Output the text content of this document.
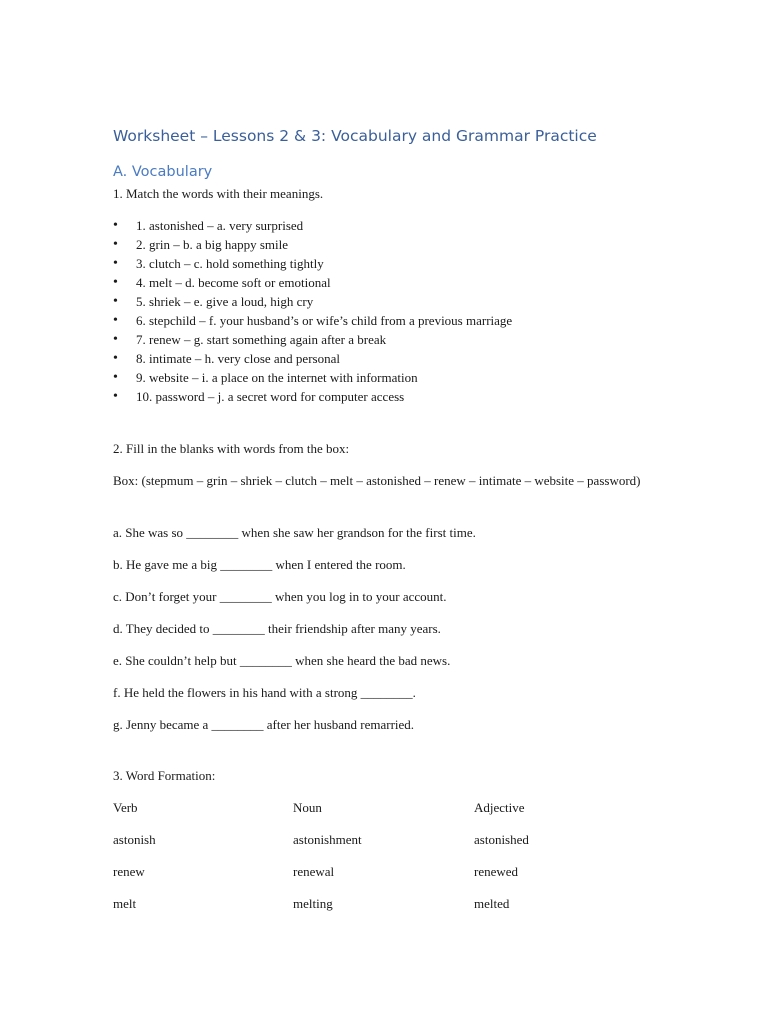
Worksheet – Lessons 2 & 3: Vocabulary and Grammar Practice
A. Vocabulary
1. Match the words with their meanings.
• 1. astonished – a. very surprised
• 2. grin – b. a big happy smile
• 3. clutch – c. hold something tightly
• 4. melt – d. become soft or emotional
• 5. shriek – e. give a loud, high cry
• 6. stepchild – f. your husband’s or wife’s child from a previous marriage
• 7. renew – g. start something again after a break
• 8. intimate – h. very close and personal
• 9. website – i. a place on the internet with information
• 10. password – j. a secret word for computer access
2. Fill in the blanks with words from the box:
Box: (stepmum – grin – shriek – clutch – melt – astonished – renew – intimate – website – password)
a. She was so ________ when she saw her grandson for the first time.
b. He gave me a big ________ when I entered the room.
c. Don’t forget your ________ when you log in to your account.
d. They decided to ________ their friendship after many years.
e. She couldn’t help but ________ when she heard the bad news.
f. He held the flowers in his hand with a strong ________.
g. Jenny became a ________ after her husband remarried.
3. Word Formation:
Verb	Noun	Adjective
astonish	astonishment	astonished
renew	renewal	renewed
melt	melting	melted
